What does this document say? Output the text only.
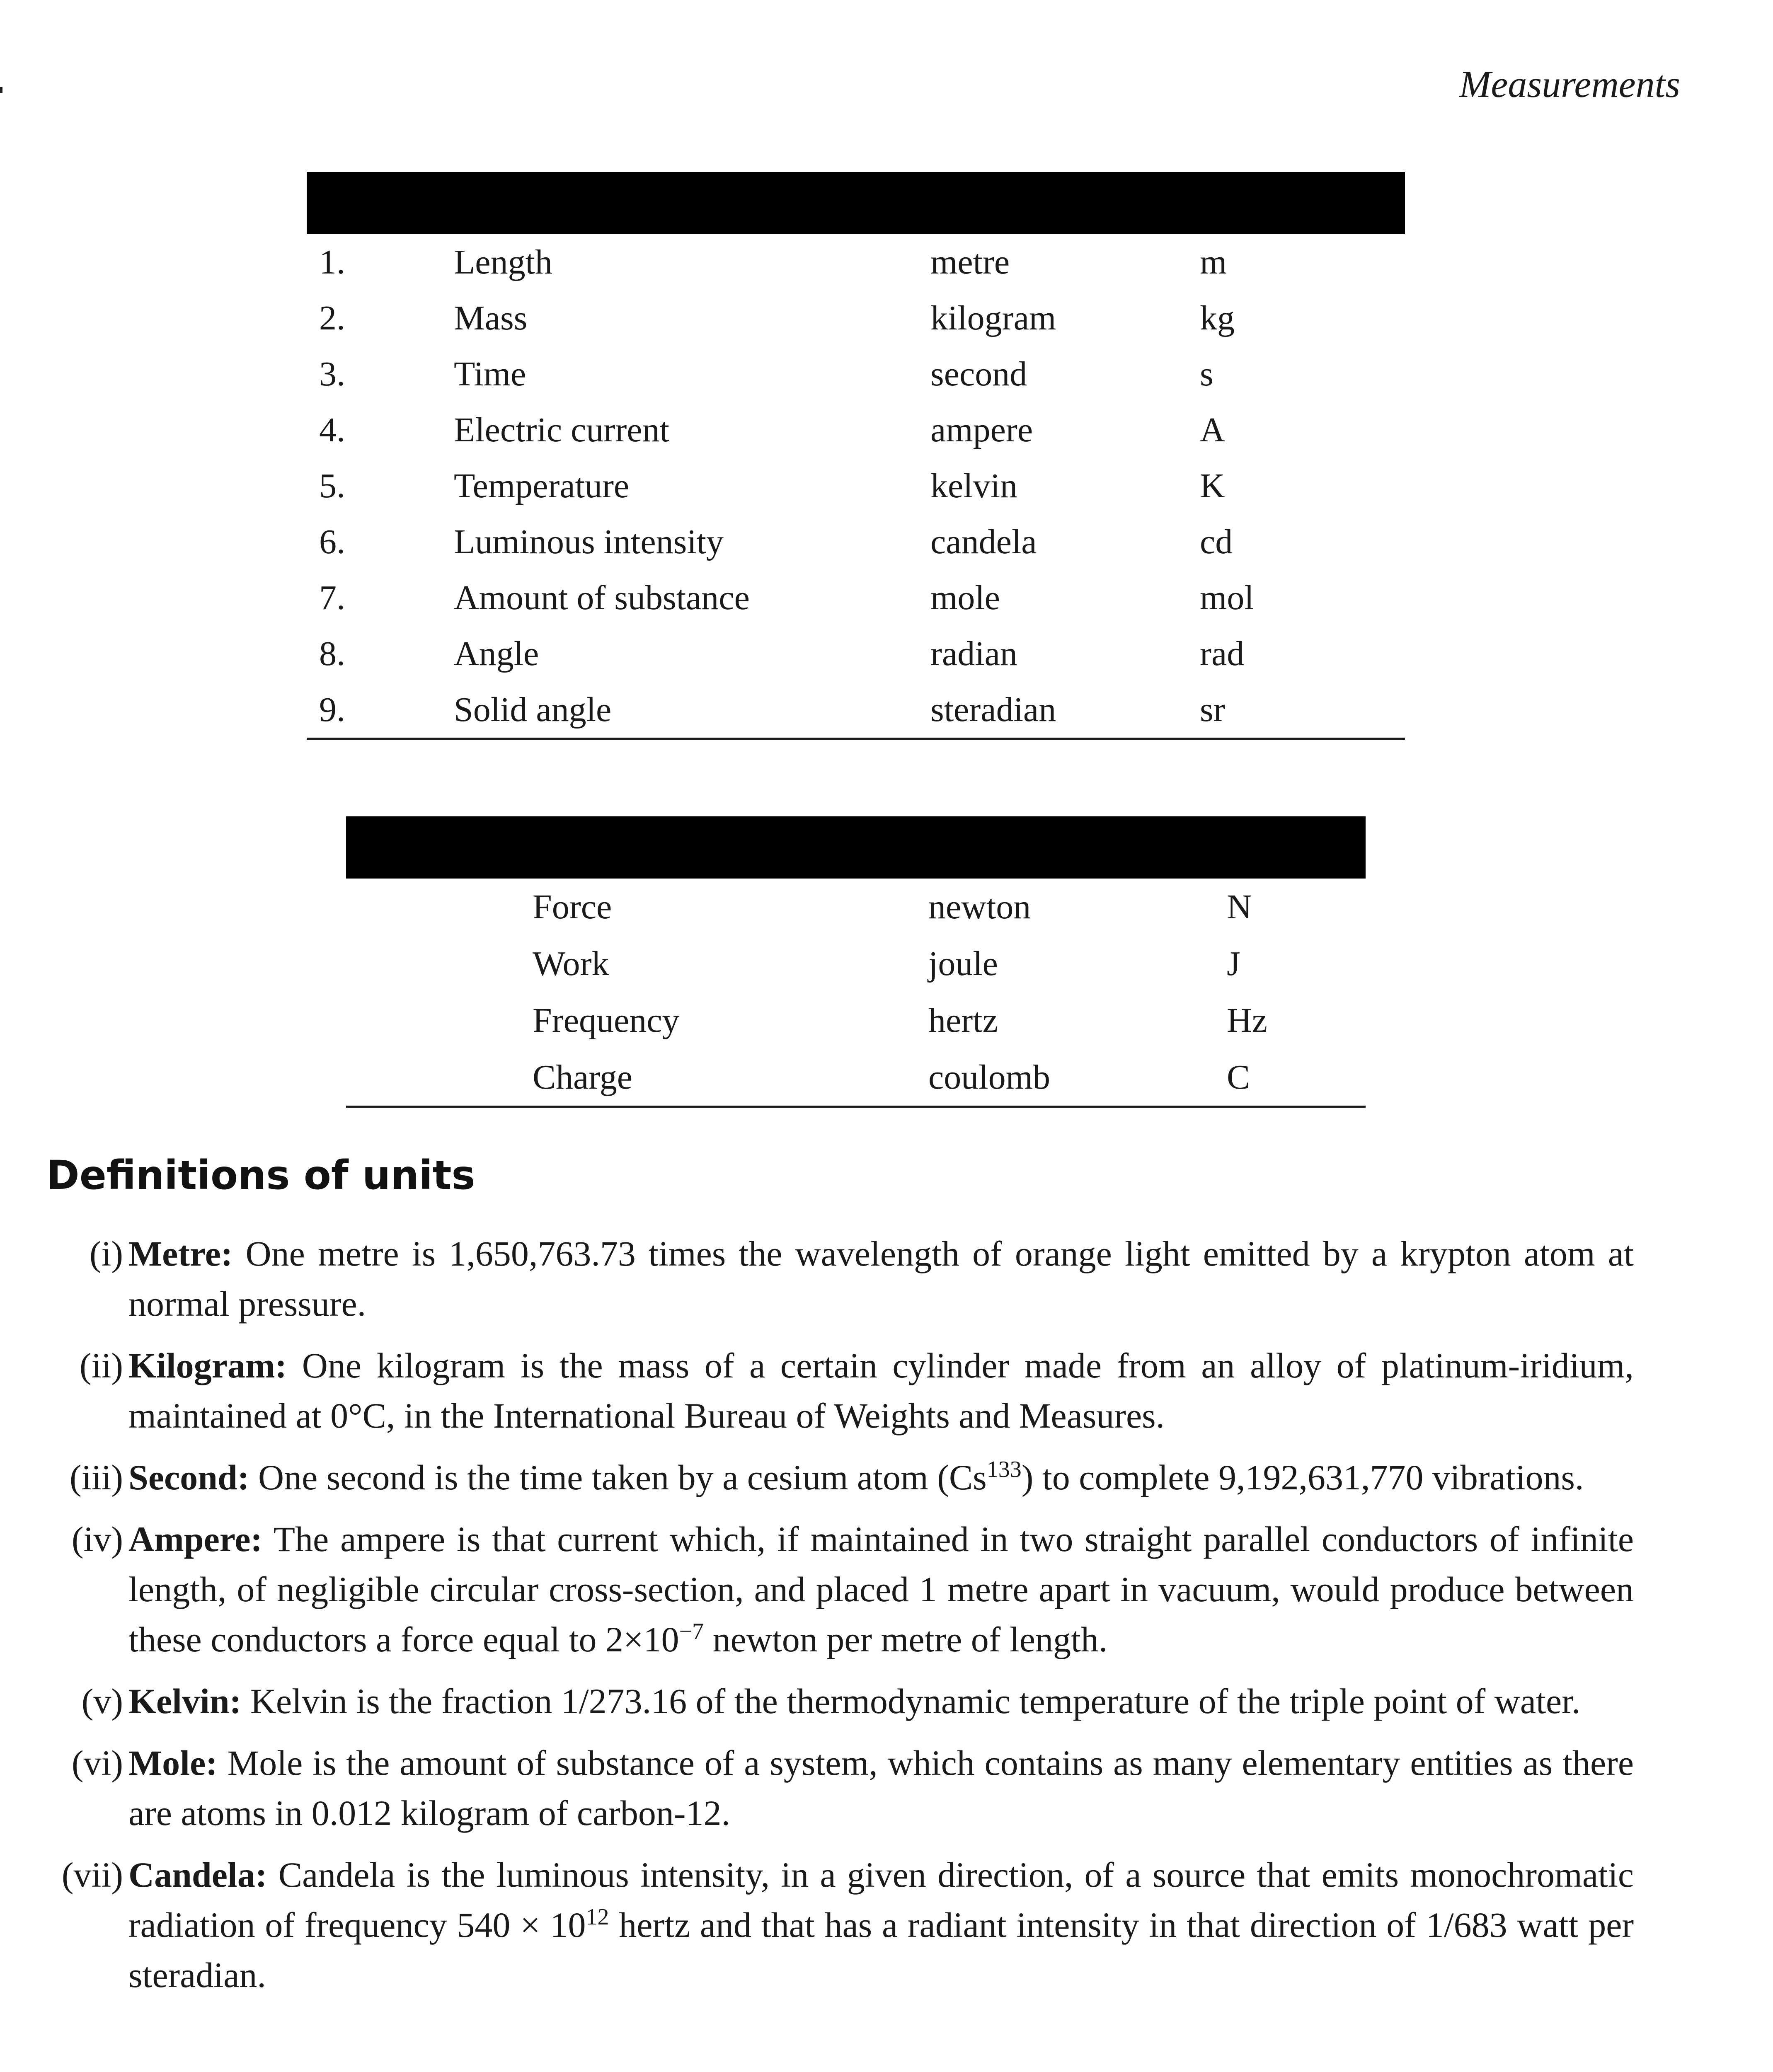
Measurements

1.	Length	metre	m
2.	Mass	kilogram	kg
3.	Time	second	s
4.	Electric current	ampere	A
5.	Temperature	kelvin	K
6.	Luminous intensity	candela	cd
7.	Amount of substance	mole	mol
8.	Angle	radian	rad
9.	Solid angle	steradian	sr

Force	newton	N
Work	joule	J
Frequency	hertz	Hz
Charge	coulomb	C
Definitions of units
(i) Metre: One metre is 1,650,763.73 times the wavelength of orange light emitted by a krypton atom at normal pressure.
(ii) Kilogram: One kilogram is the mass of a certain cylinder made from an alloy of platinum-iridium, maintained at 0°C, in the International Bureau of Weights and Measures.
(iii) Second: One second is the time taken by a cesium atom (Cs$^{133}$) to complete 9,192,631,770 vibrations.
(iv) Ampere: The ampere is that current which, if maintained in two straight parallel conductors of infinite length, of negligible circular cross-section, and placed 1 metre apart in vacuum, would produce between these conductors a force equal to $2\times 10^{-7}$ newton per metre of length.
(v) Kelvin: Kelvin is the fraction 1/273.16 of the thermodynamic temperature of the triple point of water.
(vi) Mole: Mole is the amount of substance of a system, which contains as many elementary entities as there are atoms in 0.012 kilogram of carbon-12.
(vii) Candela: Candela is the luminous intensity, in a given direction, of a source that emits monochromatic radiation of frequency $540 \times 10^{12}$ hertz and that has a radiant intensity in that direction of 1/683 watt per steradian.
